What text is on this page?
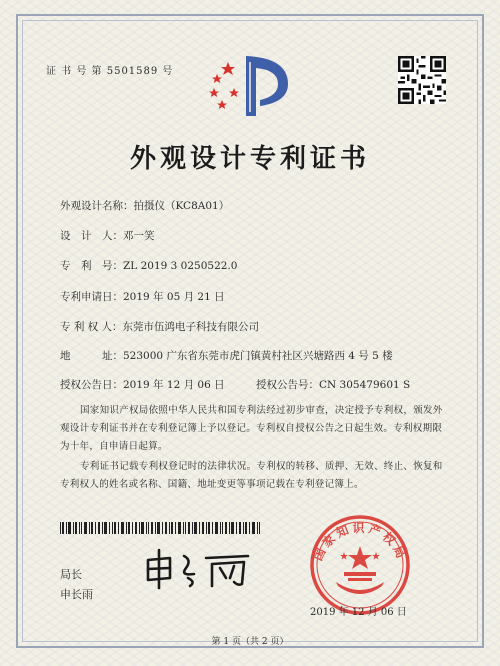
证 书 号 第 5501589 号
外观设计专利证书
外观设计名称：拍摄仪（KC8A01）
设　计　人：邓一笑
专　利　号：ZL 2019 3 0250522.0
专利申请日：2019 年 05 月 21 日
专 利 权 人：东莞市伍鸿电子科技有限公司
地　　　址：523000 广东省东莞市虎门镇黄村社区兴塘路西 4 号 5 楼
授权公告日：2019 年 12 月 06 日	授权公告号：CN 305479601 S
国家知识产权局依照中华人民共和国专利法经过初步审查，决定授予专利权，颁发外观设计专利证书并在专利登记簿上予以登记。专利权自授权公告之日起生效。专利权期限为十年，自申请日起算。
专利证书记载专利权登记时的法律状况。专利权的转移、质押、无效、终止、恢复和专利权人的姓名或名称、国籍、地址变更等事项记载在专利登记簿上。
局长
申长雨
国家知识产权局
2019 年 12 月 06 日
第 1 页（共 2 页）
